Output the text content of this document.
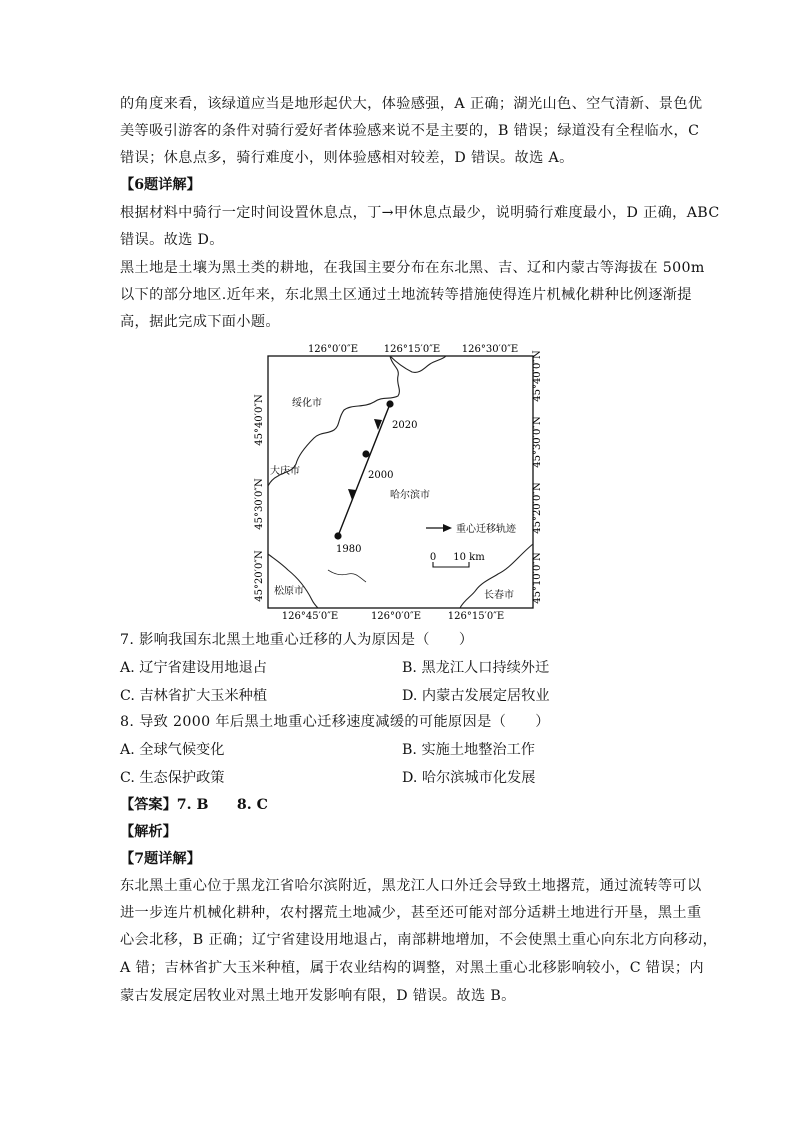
的角度来看，该绿道应当是地形起伏大，体验感强，A 正确；湖光山色、空气清新、景色优
美等吸引游客的条件对骑行爱好者体验感来说不是主要的，B 错误；绿道没有全程临水，C
错误；休息点多，骑行难度小，则体验感相对较差，D 错误。故选 A。
【6题详解】
根据材料中骑行一定时间设置休息点，丁→甲休息点最少，说明骑行难度最小，D 正确，ABC
错误。故选 D。
黑土地是土壤为黑土类的耕地，在我国主要分布在东北黑、吉、辽和内蒙古等海拔在 500m
以下的部分地区.近年来，东北黑土区通过土地流转等措施使得连片机械化耕种比例逐渐提
高，据此完成下面小题。
126°0′0″E	126°15′0″E 126°30′0″E
126°45′0″E	126°0′0″E	126°15′0″E
45°40′0″N
45°30′0″N
45°20′0″N
45°40′0″N
45°30′0″N
45°20′0″N
45°10′0″N
绥化市
大庆市
哈尔滨市
松原市	长春市
2020
2000
1980
重心迁移轨迹
0 10 km
7. 影响我国东北黑土地重心迁移的人为原因是（　　）
A. 辽宁省建设用地退占	B. 黑龙江人口持续外迁
C. 吉林省扩大玉米种植	D. 内蒙古发展定居牧业
8. 导致 2000 年后黑土地重心迁移速度减缓的可能原因是（　　）
A. 全球气候变化	B. 实施土地整治工作
C. 生态保护政策	D. 哈尔滨城市化发展
【答案】7. B　　8. C
【解析】
【7题详解】
东北黑土重心位于黑龙江省哈尔滨附近，黑龙江人口外迁会导致土地撂荒，通过流转等可以
进一步连片机械化耕种，农村撂荒土地减少，甚至还可能对部分适耕土地进行开垦，黑土重
心会北移，B 正确；辽宁省建设用地退占，南部耕地增加，不会使黑土重心向东北方向移动，
A 错；吉林省扩大玉米种植，属于农业结构的调整，对黑土重心北移影响较小，C 错误；内
蒙古发展定居牧业对黑土地开发影响有限，D 错误。故选 B。
